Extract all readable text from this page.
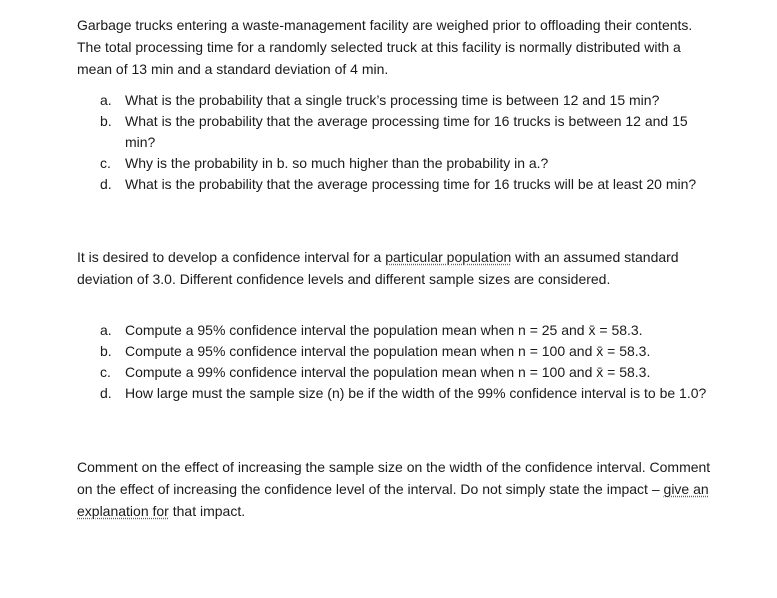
Garbage trucks entering a waste-management facility are weighed prior to offloading their contents. The total processing time for a randomly selected truck at this facility is normally distributed with a mean of 13 min and a standard deviation of 4 min.

a. What is the probability that a single truck’s processing time is between 12 and 15 min?
b. What is the probability that the average processing time for 16 trucks is between 12 and 15 min?
c. Why is the probability in b. so much higher than the probability in a.?
d. What is the probability that the average processing time for 16 trucks will be at least 20 min?

It is desired to develop a confidence interval for a particular population with an assumed standard deviation of 3.0. Different confidence levels and different sample sizes are considered.

a. Compute a 95% confidence interval the population mean when n = 25 and x̄ = 58.3.
b. Compute a 95% confidence interval the population mean when n = 100 and x̄ = 58.3.
c. Compute a 99% confidence interval the population mean when n = 100 and x̄ = 58.3.
d. How large must the sample size (n) be if the width of the 99% confidence interval is to be 1.0?

Comment on the effect of increasing the sample size on the width of the confidence interval. Comment on the effect of increasing the confidence level of the interval. Do not simply state the impact – give an explanation for that impact.
